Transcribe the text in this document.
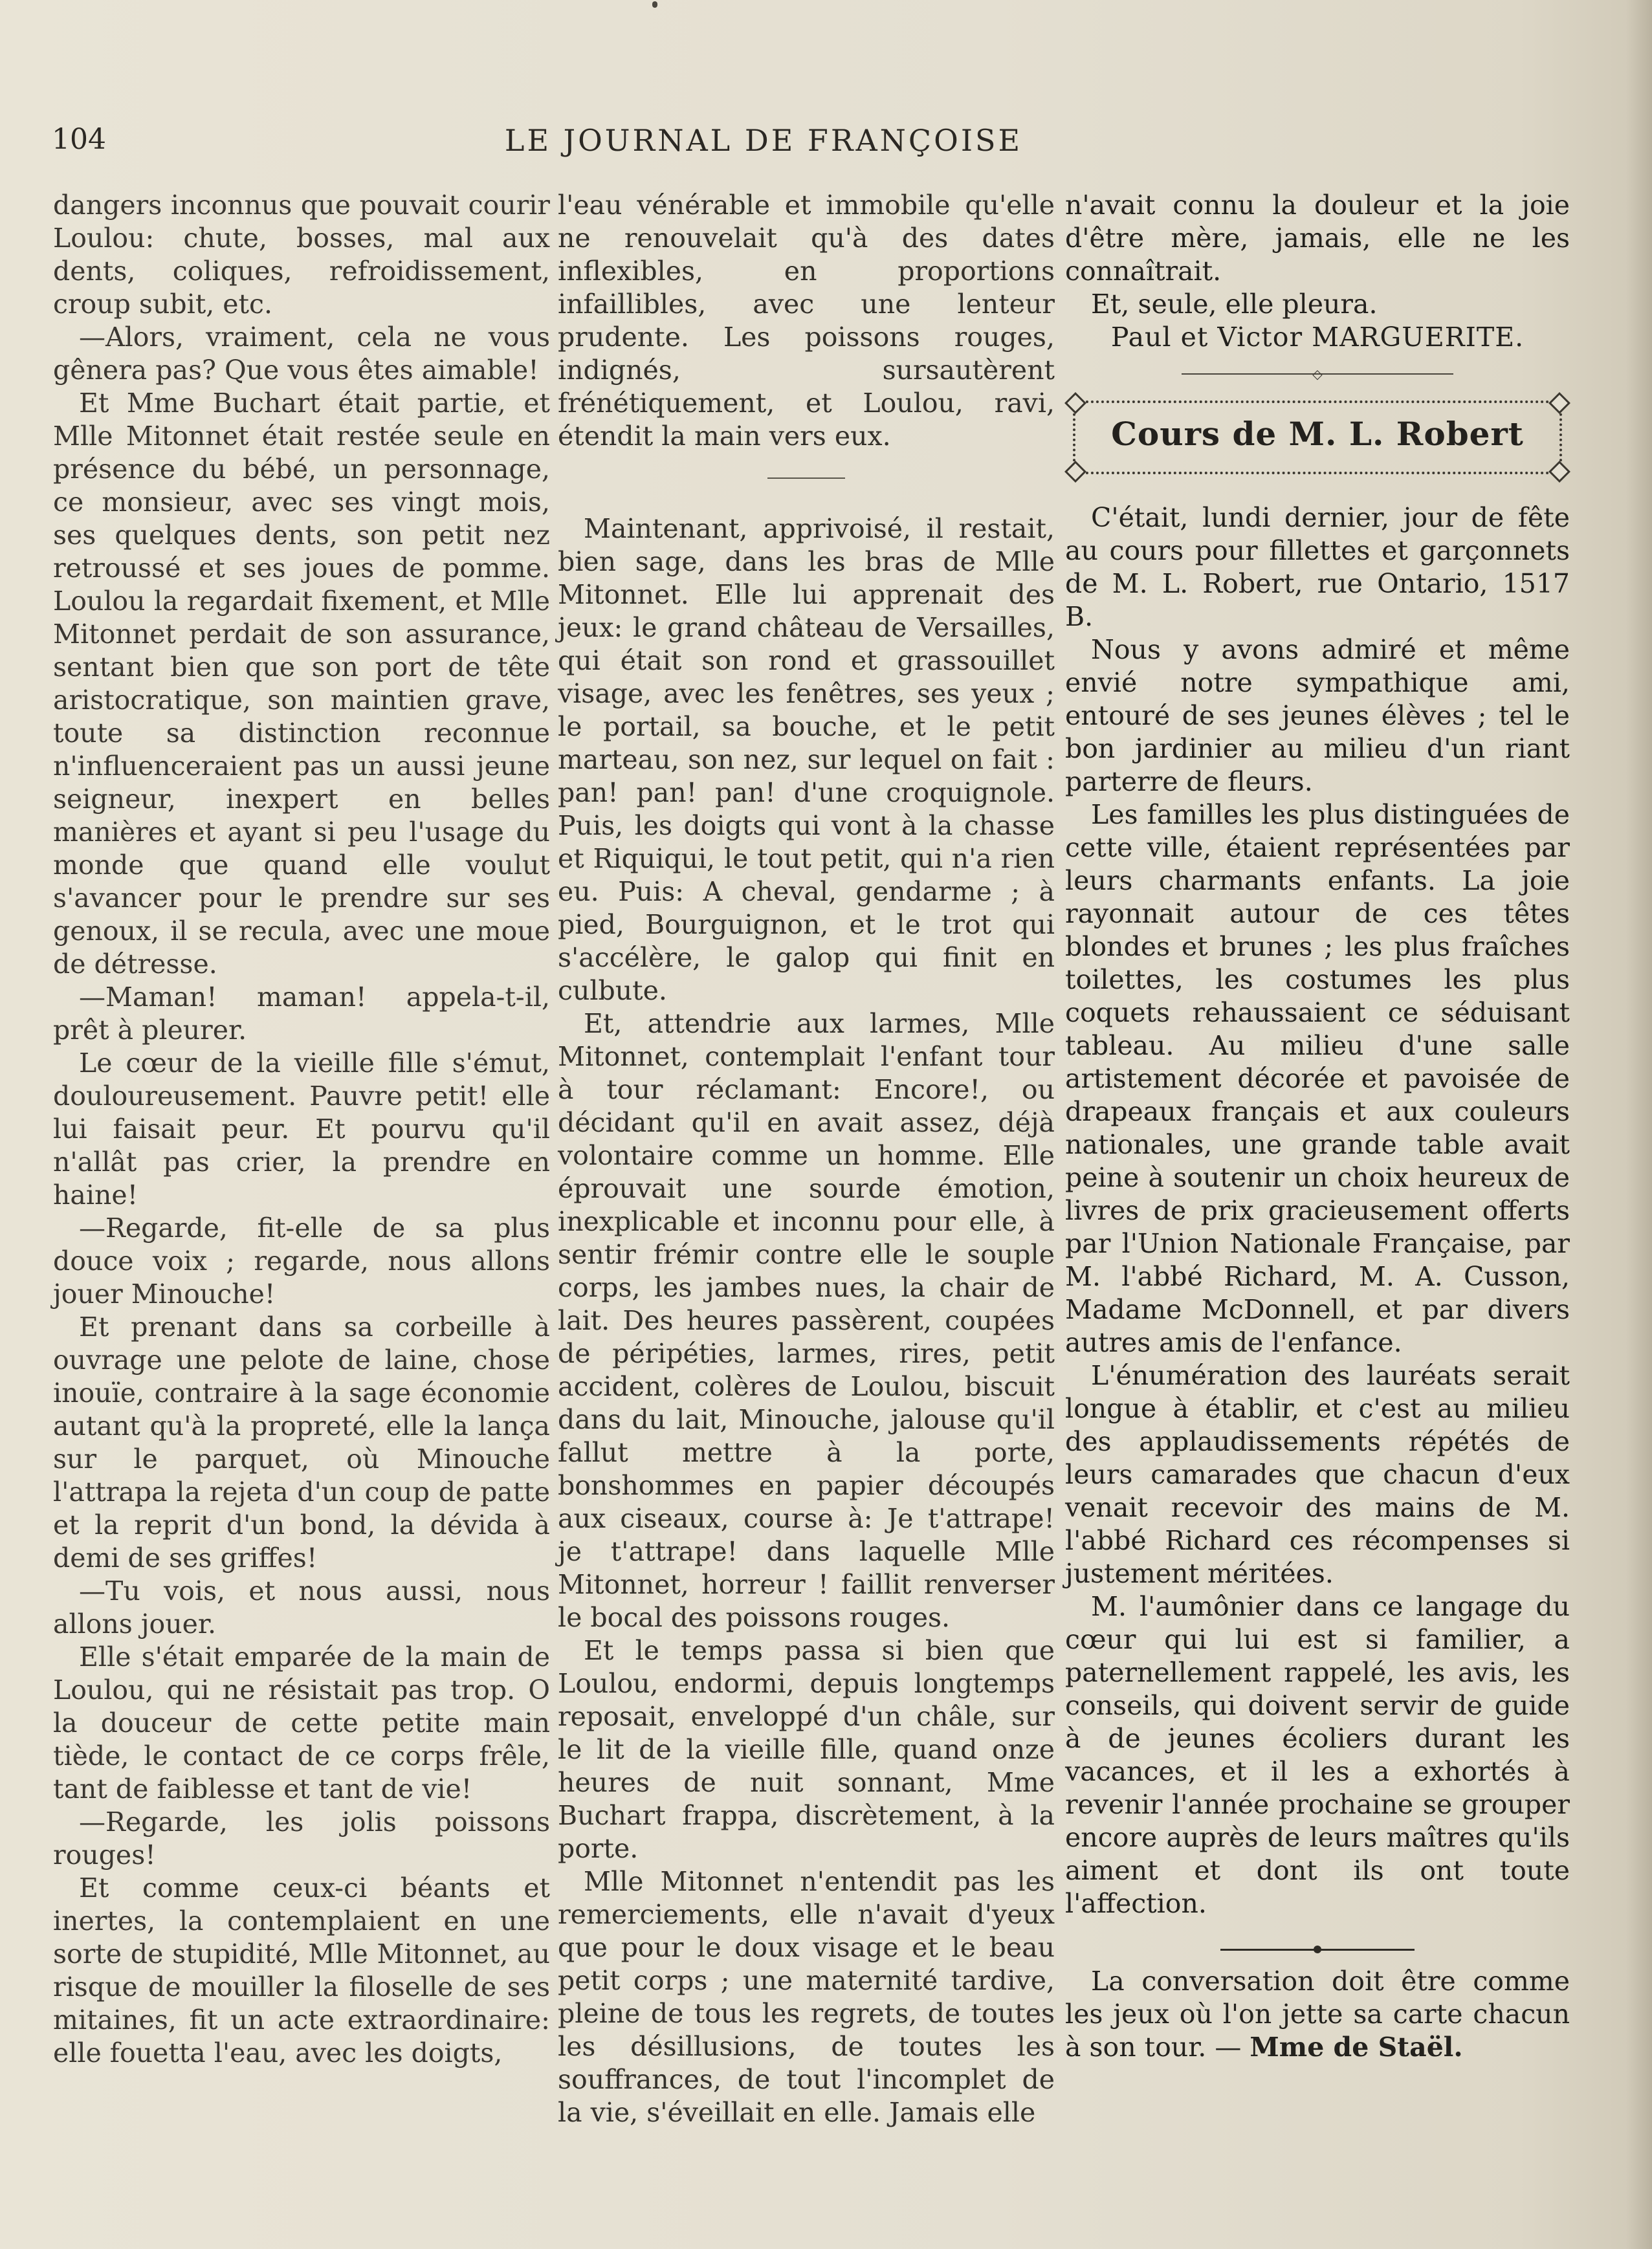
104	LE JOURNAL DE FRANÇOISE

dangers inconnus que pouvait courir Loulou: chute, bosses, mal aux dents, coliques, refroidissement, croup subit, etc.

—Alors, vraiment, cela ne vous gênera pas? Que vous êtes aimable!

Et Mme Buchart était partie, et Mlle Mitonnet était restée seule en présence du bébé, un personnage, ce monsieur, avec ses vingt mois, ses quelques dents, son petit nez retroussé et ses joues de pomme. Loulou la regardait fixement, et Mlle Mitonnet perdait de son assurance, sentant bien que son port de tête aristocratique, son maintien grave, toute sa distinction reconnue n'influenceraient pas un aussi jeune seigneur, inexpert en belles manières et ayant si peu l'usage du monde que quand elle voulut s'avancer pour le prendre sur ses genoux, il se recula, avec une moue de détresse.

—Maman! maman! appela-t-il, prêt à pleurer.

Le cœur de la vieille fille s'émut, douloureusement. Pauvre petit! elle lui faisait peur. Et pourvu qu'il n'allât pas crier, la prendre en haine!

—Regarde, fit-elle de sa plus douce voix ; regarde, nous allons jouer Minouche!

Et prenant dans sa corbeille à ouvrage une pelote de laine, chose inouïe, contraire à la sage économie autant qu'à la propreté, elle la lança sur le parquet, où Minouche l'attrapa la rejeta d'un coup de patte et la reprit d'un bond, la dévida à demi de ses griffes!

—Tu vois, et nous aussi, nous allons jouer.

Elle s'était emparée de la main de Loulou, qui ne résistait pas trop. O la douceur de cette petite main tiède, le contact de ce corps frêle, tant de faiblesse et tant de vie!

—Regarde, les jolis poissons rouges!

Et comme ceux-ci béants et inertes, la contemplaient en une sorte de stupidité, Mlle Mitonnet, au risque de mouiller la filoselle de ses mitaines, fit un acte extraordinaire: elle fouetta l'eau, avec les doigts,

l'eau vénérable et immobile qu'elle ne renouvelait qu'à des dates inflexibles, en proportions infaillibles, avec une lenteur prudente. Les poissons rouges, indignés, sursautèrent frénétiquement, et Loulou, ravi, étendit la main vers eux.

Maintenant, apprivoisé, il restait, bien sage, dans les bras de Mlle Mitonnet. Elle lui apprenait des jeux: le grand château de Versailles, qui était son rond et grassouillet visage, avec les fenêtres, ses yeux ; le portail, sa bouche, et le petit marteau, son nez, sur lequel on fait : pan! pan! pan! d'une croquignole. Puis, les doigts qui vont à la chasse et Riquiqui, le tout petit, qui n'a rien eu. Puis: A cheval, gendarme ; à pied, Bourguignon, et le trot qui s'accélère, le galop qui finit en culbute.

Et, attendrie aux larmes, Mlle Mitonnet, contemplait l'enfant tour à tour réclamant: Encore!, ou décidant qu'il en avait assez, déjà volontaire comme un homme. Elle éprouvait une sourde émotion, inexplicable et inconnu pour elle, à sentir frémir contre elle le souple corps, les jambes nues, la chair de lait. Des heures passèrent, coupées de péripéties, larmes, rires, petit accident, colères de Loulou, biscuit dans du lait, Minouche, jalouse qu'il fallut mettre à la porte, bonshommes en papier découpés aux ciseaux, course à: Je t'attrape! je t'attrape! dans laquelle Mlle Mitonnet, horreur ! faillit renverser le bocal des poissons rouges.

Et le temps passa si bien que Loulou, endormi, depuis longtemps reposait, enveloppé d'un châle, sur le lit de la vieille fille, quand onze heures de nuit sonnant, Mme Buchart frappa, discrètement, à la porte.

Mlle Mitonnet n'entendit pas les remerciements, elle n'avait d'yeux que pour le doux visage et le beau petit corps ; une maternité tardive, pleine de tous les regrets, de toutes les désillusions, de toutes les souffrances, de tout l'incomplet de la vie, s'éveillait en elle. Jamais elle

n'avait connu la douleur et la joie d'être mère, jamais, elle ne les connaîtrait.

Et, seule, elle pleura.

Paul et Victor MARGUERITE.

◇
Cours de M. L. Robert

C'était, lundi dernier, jour de fête au cours pour fillettes et garçonnets de M. L. Robert, rue Ontario, 1517 B.

Nous y avons admiré et même envié notre sympathique ami, entouré de ses jeunes élèves ; tel le bon jardinier au milieu d'un riant parterre de fleurs.

Les familles les plus distinguées de cette ville, étaient représentées par leurs charmants enfants. La joie rayonnait autour de ces têtes blondes et brunes ; les plus fraîches toilettes, les costumes les plus coquets rehaussaient ce séduisant tableau. Au milieu d'une salle artistement décorée et pavoisée de drapeaux français et aux couleurs nationales, une grande table avait peine à soutenir un choix heureux de livres de prix gracieusement offerts par l'Union Nationale Française, par M. l'abbé Richard, M. A. Cusson, Madame McDonnell, et par divers autres amis de l'enfance.

L'énumération des lauréats serait longue à établir, et c'est au milieu des applaudissements répétés de leurs camarades que chacun d'eux venait recevoir des mains de M. l'abbé Richard ces récompenses si justement méritées.

M. l'aumônier dans ce langage du cœur qui lui est si familier, a paternellement rappelé, les avis, les conseils, qui doivent servir de guide à de jeunes écoliers durant les vacances, et il les a exhortés à revenir l'année prochaine se grouper encore auprès de leurs maîtres qu'ils aiment et dont ils ont toute l'affection.

La conversation doit être comme les jeux où l'on jette sa carte chacun à son tour. — Mme de Staël.
